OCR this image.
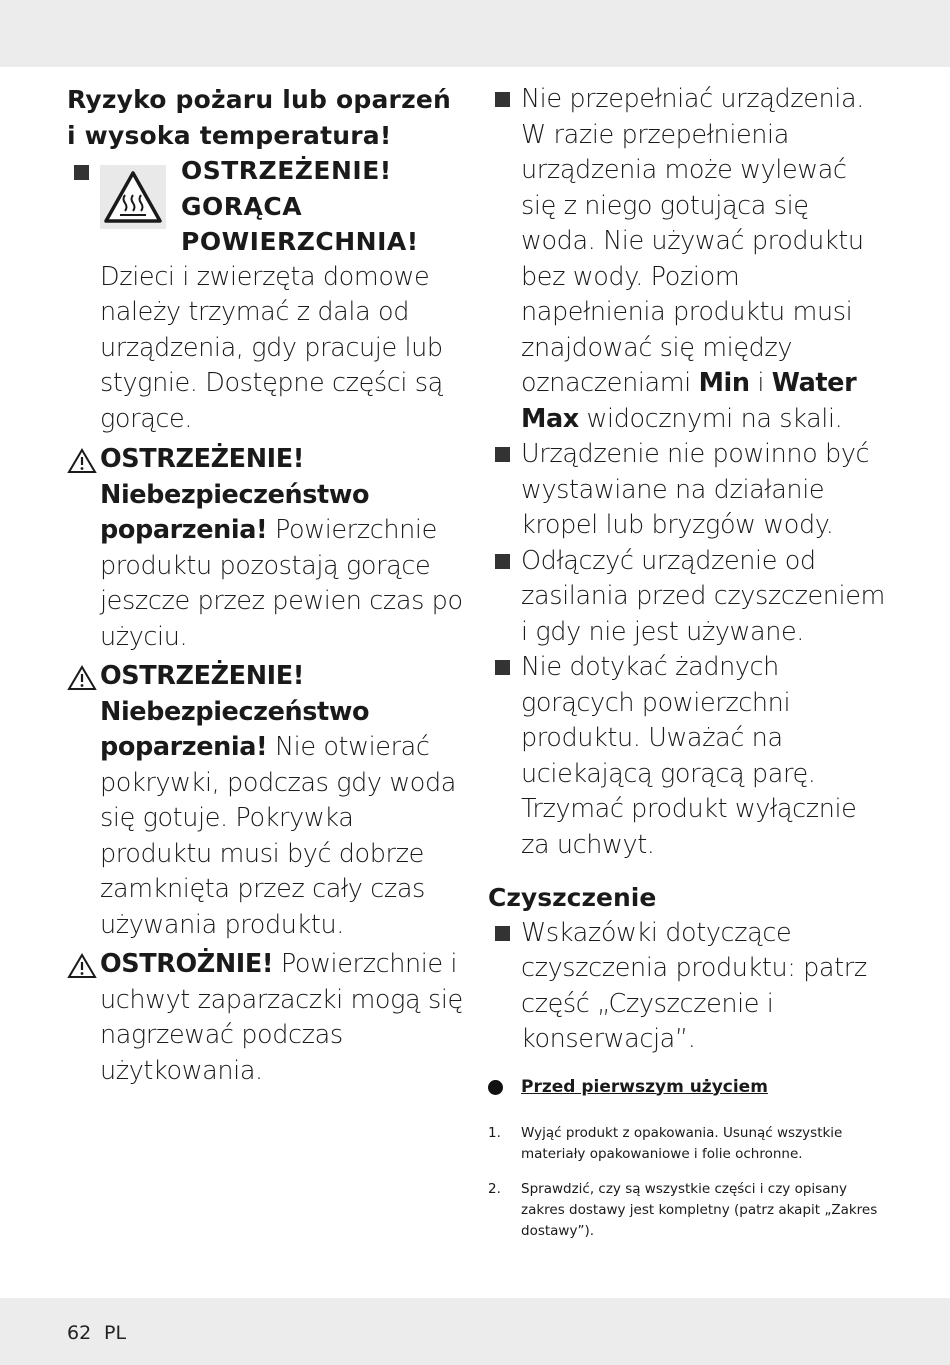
Ryzyko pożaru lub oparzeń i wysoka temperatura!
OSTRZEŻENIE! GORĄCA POWIERZCHNIA!
Dzieci i zwierzęta domowe należy trzymać z dala od urządzenia, gdy pracuje lub stygnie. Dostępne części są gorące.
OSTRZEŻENIE! Niebezpieczeństwo poparzenia! Powierzchnie produktu pozostają gorące jeszcze przez pewien czas po użyciu.
OSTRZEŻENIE! Niebezpieczeństwo poparzenia! Nie otwierać pokrywki, podczas gdy woda się gotuje. Pokrywka produktu musi być dobrze zamknięta przez cały czas używania produktu.
OSTROŻNIE! Powierzchnie i uchwyt zaparzaczki mogą się nagrzewać podczas użytkowania.
Nie przepełniać urządzenia. W razie przepełnienia urządzenia może wylewać się z niego gotująca się woda. Nie używać produktu bez wody. Poziom napełnienia produktu musi znajdować się między oznaczeniami Min i Water Max widocznymi na skali.
Urządzenie nie powinno być wystawiane na działanie kropel lub bryzgów wody.
Odłączyć urządzenie od zasilania przed czyszczeniem i gdy nie jest używane.
Nie dotykać żadnych gorących powierzchni produktu. Uważać na uciekającą gorącą parę. Trzymać produkt wyłącznie za uchwyt.
Czyszczenie
Wskazówki dotyczące czyszczenia produktu: patrz część „Czyszczenie i konserwacja”.
Przed pierwszym użyciem
1. Wyjąć produkt z opakowania. Usunąć wszystkie materiały opakowaniowe i folie ochronne.
2. Sprawdzić, czy są wszystkie części i czy opisany zakres dostawy jest kompletny (patrz akapit „Zakres dostawy”).
62 PL
